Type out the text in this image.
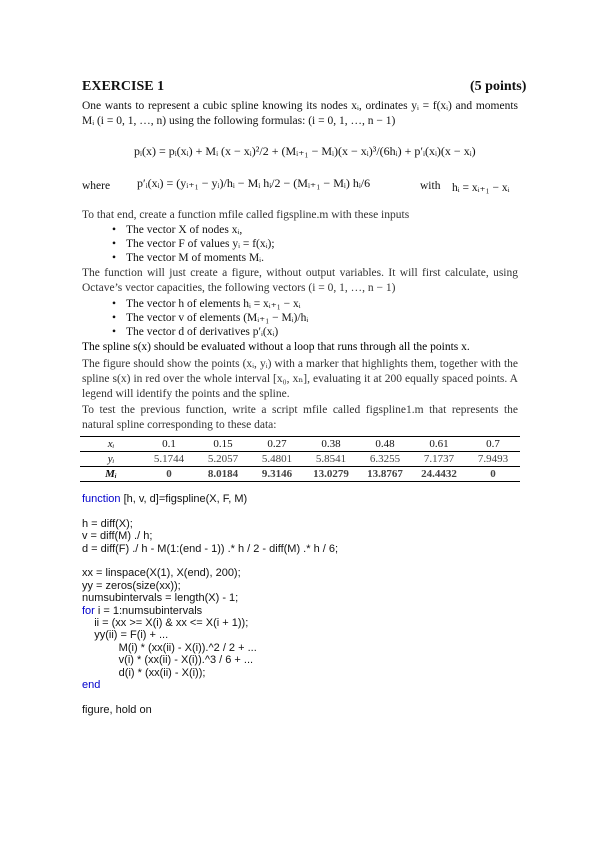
EXERCISE 1	(5 points)
One wants to represent a cubic spline knowing its nodes xᵢ, ordinates yᵢ = f(xᵢ) and moments Mᵢ (i = 0, 1, …, n) using the following formulas: (i = 0, 1, …, n − 1)
pᵢ(x) = pᵢ(xᵢ) + Mᵢ (x − xᵢ)²/2 + (Mᵢ₊₁ − Mᵢ)(x − xᵢ)³/(6hᵢ) + p′ᵢ(xᵢ)(x − xᵢ)
where p′ᵢ(xᵢ) = (yᵢ₊₁ − yᵢ)/hᵢ − Mᵢ hᵢ/2 − (Mᵢ₊₁ − Mᵢ) hᵢ/6	with hᵢ = xᵢ₊₁ − xᵢ
To that end, create a function mfile called figspline.m with these inputs
• The vector X of nodes xᵢ,
• The vector F of values yᵢ = f(xᵢ);
• The vector M of moments Mᵢ.
The function will just create a figure, without output variables. It will first calculate, using Octave’s vector capacities, the following vectors (i = 0, 1, …, n − 1)
• The vector h of elements hᵢ = xᵢ₊₁ − xᵢ
• The vector v of elements (Mᵢ₊₁ − Mᵢ)/hᵢ
• The vector d of derivatives p′ᵢ(xᵢ)
The spline s(x) should be evaluated without a loop that runs through all the points x.
The figure should show the points (xᵢ, yᵢ) with a marker that highlights them, together with the spline s(x) in red over the whole interval [x₀, xₙ], evaluating it at 200 equally spaced points. A legend will identify the points and the spline.
To test the previous function, write a script mfile called figspline1.m that represents the natural spline corresponding to these data:
xᵢ	0.1	0.15	0.27	0.38	0.48	0.61	0.7
yᵢ	5.1744	5.2057	5.4801	5.8541	6.3255	7.1737	7.9493
Mᵢ	0	8.0184	9.3146	13.0279	13.8767	24.4432	0
function [h, v, d]=figspline(X, F, M)

h = diff(X);
v = diff(M) ./ h;
d = diff(F) ./ h - M(1:(end - 1)) .* h / 2 - diff(M) .* h / 6;

xx = linspace(X(1), X(end), 200);
yy = zeros(size(xx));
numsubintervals = length(X) - 1;
for i = 1:numsubintervals
ii = (xx >= X(i) & xx <= X(i + 1));
yy(ii) = F(i) + ...
M(i) * (xx(ii) - X(i)).^2 / 2 + ...
v(i) * (xx(ii) - X(i)).^3 / 6 + ...
d(i) * (xx(ii) - X(i));
end

figure, hold on
